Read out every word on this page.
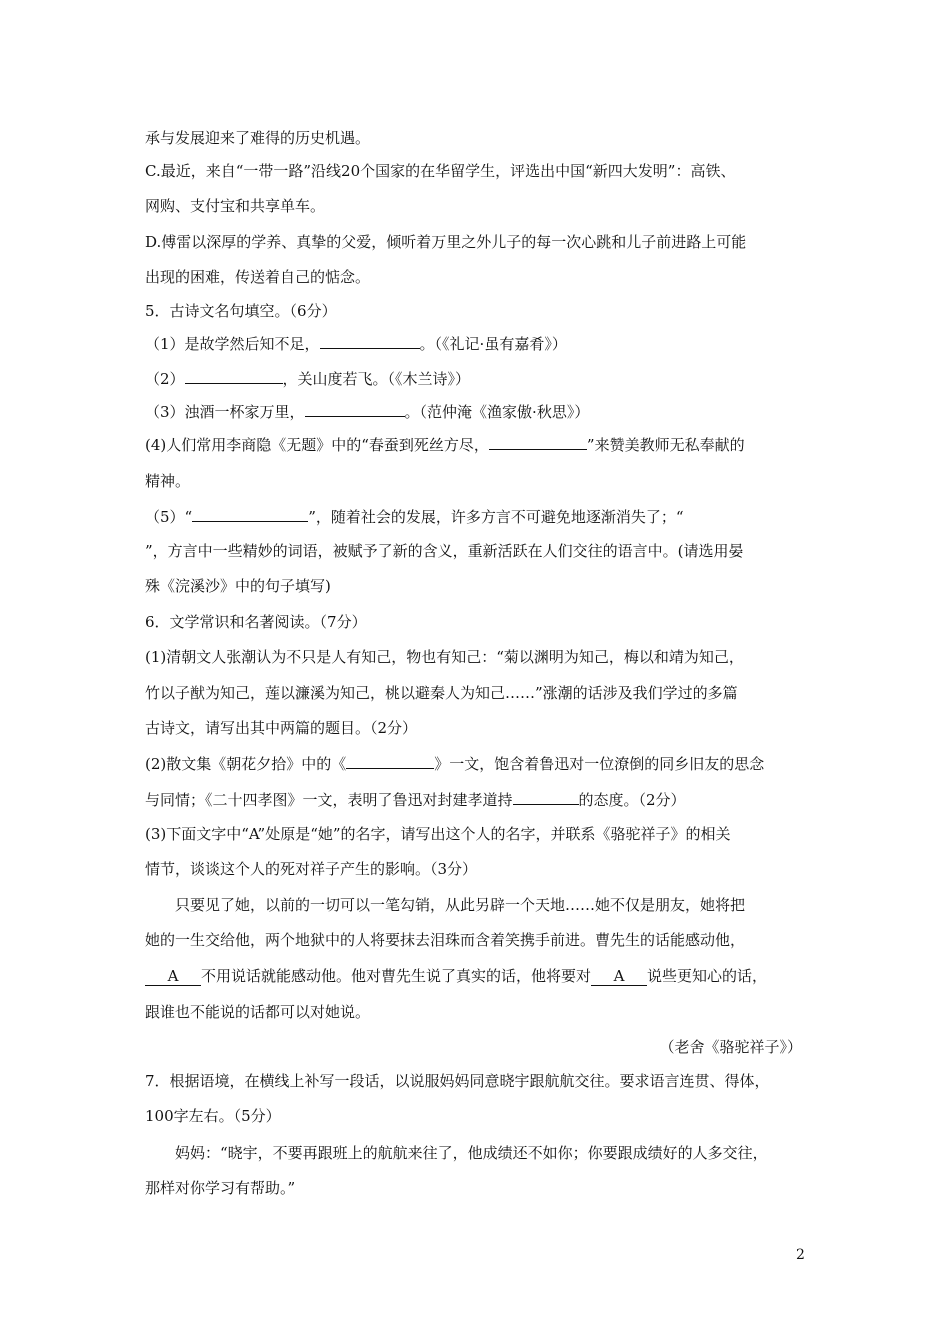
承与发展迎来了难得的历史机遇。
C.最近，来自“一带一路”沿线20个国家的在华留学生，评选出中国“新四大发明”：高铁、
网购、支付宝和共享单车。
D.傅雷以深厚的学养、真挚的父爱，倾听着万里之外儿子的每一次心跳和儿子前进路上可能
出现的困难，传送着自己的惦念。
5．古诗文名句填空。（6分）
（1）是故学然后知不足，	。（《礼记·虽有嘉肴》）
（2）	，关山度若飞。（《木兰诗》）
（3）浊酒一杯家万里，	。（范仲淹《渔家傲·秋思》）
(4)人们常用李商隐《无题》中的“春蚕到死丝方尽，	”来赞美教师无私奉献的
精神。
（5）“	”，随着社会的发展，许多方言不可避免地逐渐消失了；“
”，方言中一些精妙的词语，被赋予了新的含义，重新活跃在人们交往的语言中。(请选用晏
殊《浣溪沙》中的句子填写)
6．文学常识和名著阅读。（7分）
(1)清朝文人张潮认为不只是人有知己，物也有知己：“菊以渊明为知己，梅以和靖为知己，
竹以子猷为知己，莲以濂溪为知己，桃以避秦人为知己……”涨潮的话涉及我们学过的多篇
古诗文，请写出其中两篇的题目。（2分）
(2)散文集《朝花夕拾》中的《	》一文，饱含着鲁迅对一位潦倒的同乡旧友的思念
与同情；《二十四孝图》一文，表明了鲁迅对封建孝道持	的态度。（2分）
(3)下面文字中“A”处原是“她”的名字，请写出这个人的名字，并联系《骆驼祥子》的相关
情节，谈谈这个人的死对祥子产生的影响。（3分）
只要见了她，以前的一切可以一笔勾销，从此另辟一个天地……她不仅是朋友，她将把
她的一生交给他，两个地狱中的人将要抹去泪珠而含着笑携手前进。曹先生的话能感动他，
A 不用说话就能感动他。他对曹先生说了真实的话，他将要对 A 说些更知心的话，
跟谁也不能说的话都可以对她说。
（老舍《骆驼祥子》）
7．根据语境，在横线上补写一段话，以说服妈妈同意晓宇跟航航交往。要求语言连贯、得体，
100字左右。（5分）
妈妈：“晓宇，不要再跟班上的航航来往了，他成绩还不如你；你要跟成绩好的人多交往，
那样对你学习有帮助。”
2
